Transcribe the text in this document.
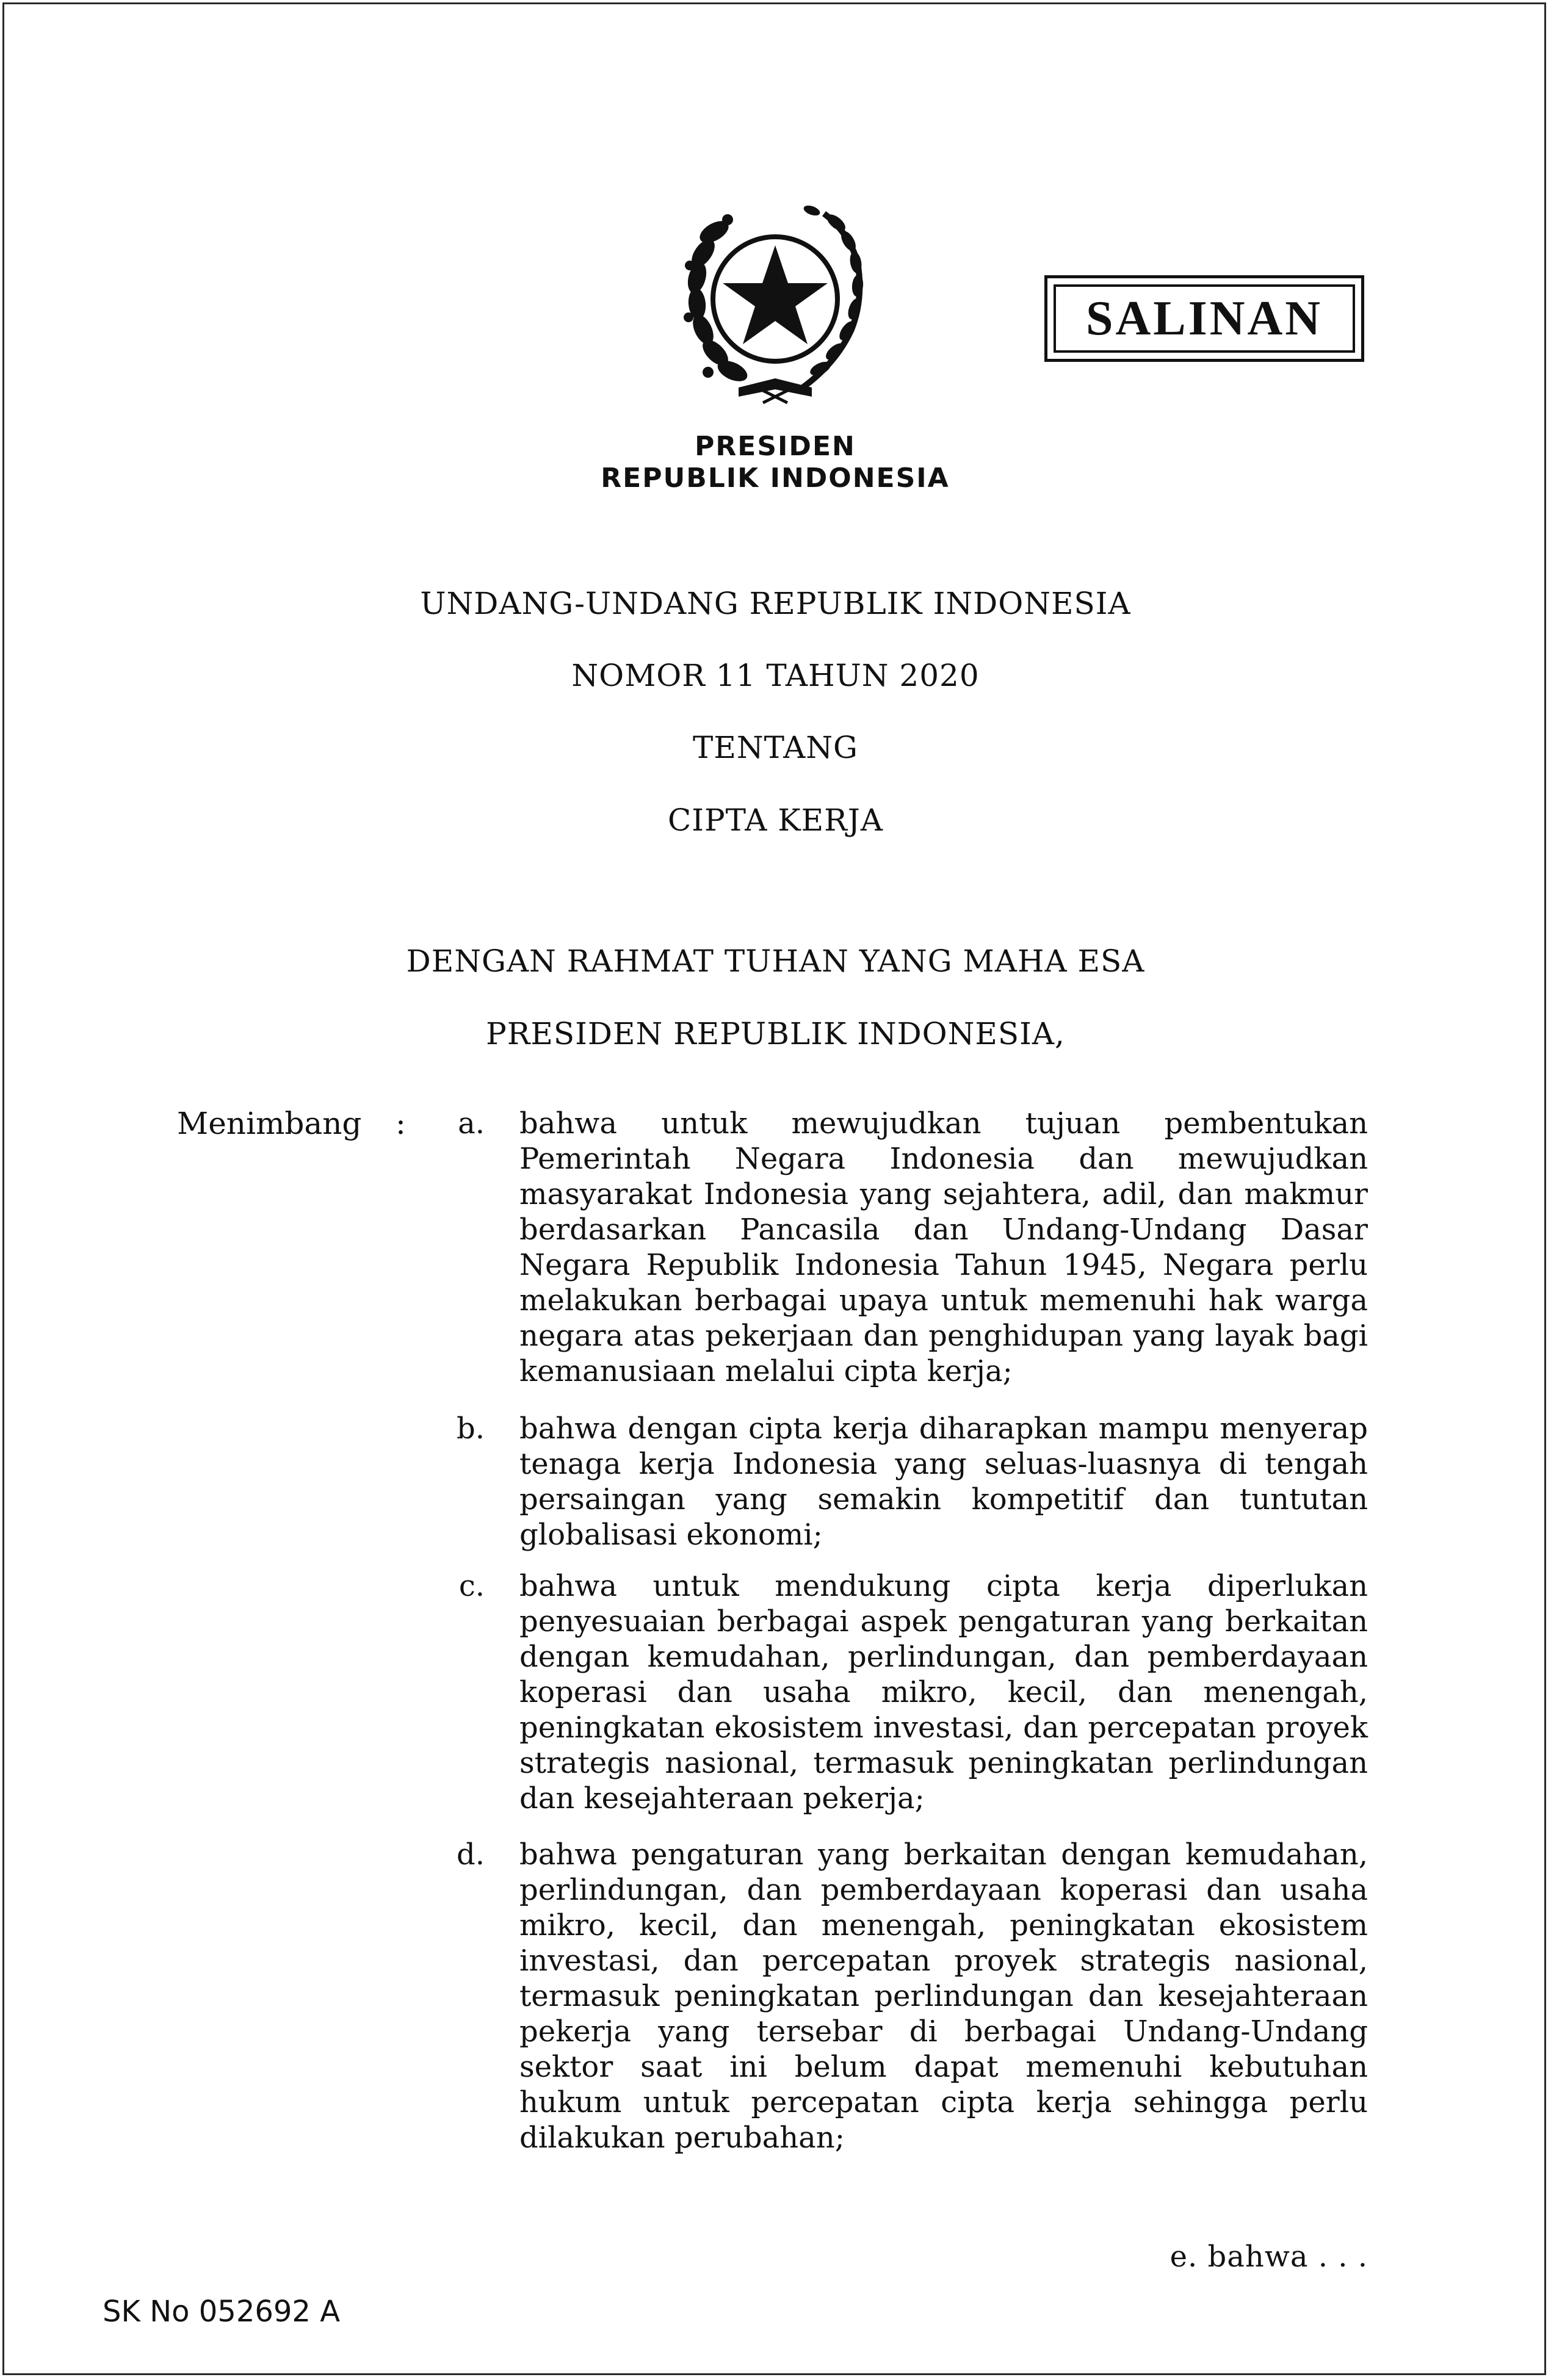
PRESIDEN
REPUBLIK INDONESIA
SALINAN
UNDANG-UNDANG REPUBLIK INDONESIA
NOMOR 11 TAHUN 2020
TENTANG
CIPTA KERJA
DENGAN RAHMAT TUHAN YANG MAHA ESA
PRESIDEN REPUBLIK INDONESIA,
Menimbang : a. bahwa untuk mewujudkan tujuan pembentukan Pemerintah Negara Indonesia dan mewujudkan masyarakat Indonesia yang sejahtera, adil, dan makmur berdasarkan Pancasila dan Undang-Undang Dasar Negara Republik Indonesia Tahun 1945, Negara perlu melakukan berbagai upaya untuk memenuhi hak warga negara atas pekerjaan dan penghidupan yang layak bagi kemanusiaan melalui cipta kerja;

b. bahwa dengan cipta kerja diharapkan mampu menyerap tenaga kerja Indonesia yang seluas-luasnya di tengah persaingan yang semakin kompetitif dan tuntutan globalisasi ekonomi;

c. bahwa untuk mendukung cipta kerja diperlukan penyesuaian berbagai aspek pengaturan yang berkaitan dengan kemudahan, perlindungan, dan pemberdayaan koperasi dan usaha mikro, kecil, dan menengah, peningkatan ekosistem investasi, dan percepatan proyek strategis nasional, termasuk peningkatan perlindungan dan kesejahteraan pekerja;

d. bahwa pengaturan yang berkaitan dengan kemudahan, perlindungan, dan pemberdayaan koperasi dan usaha mikro, kecil, dan menengah, peningkatan ekosistem investasi, dan percepatan proyek strategis nasional, termasuk peningkatan perlindungan dan kesejahteraan pekerja yang tersebar di berbagai Undang-Undang sektor saat ini belum dapat memenuhi kebutuhan hukum untuk percepatan cipta kerja sehingga perlu dilakukan perubahan;

e. bahwa . . .
SK No 052692 A
